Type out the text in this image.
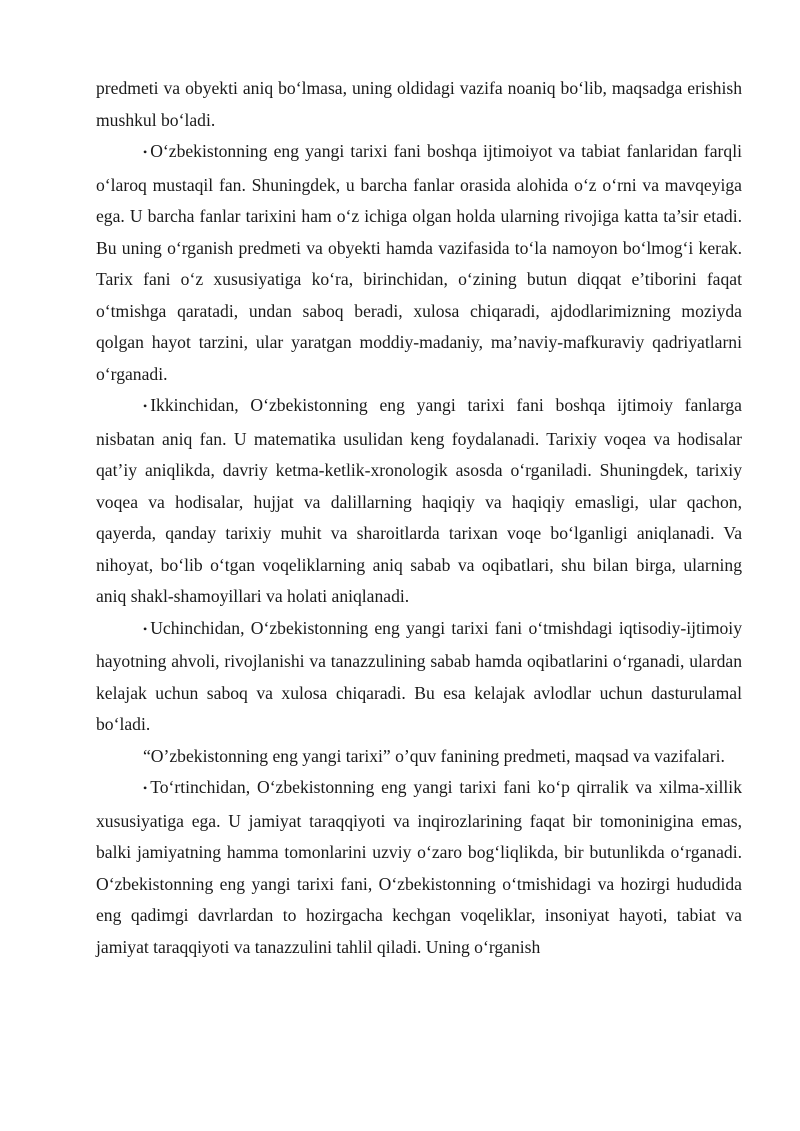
predmeti va obyekti aniq bo‘lmasa, uning oldidagi vazifa noaniq bo‘lib, maqsadga erishish mushkul bo‘ladi.

• O‘zbekistonning eng yangi tarixi fani boshqa ijtimoiyot va tabiat fanlaridan farqli o‘laroq mustaqil fan. Shuningdek, u barcha fanlar orasida alohida o‘z o‘rni va mavqeyiga ega. U barcha fanlar tarixini ham o‘z ichiga olgan holda ularning rivojiga katta ta’sir etadi. Bu uning o‘rganish predmeti va obyekti hamda vazifasida to‘la namoyon bo‘lmog‘i kerak. Tarix fani o‘z xususiyatiga ko‘ra, birinchidan, o‘zining butun diqqat e’tiborini faqat o‘tmishga qaratadi, undan saboq beradi, xulosa chiqaradi, ajdodlarimizning moziyda qolgan hayot tarzini, ular yaratgan moddiy-madaniy, ma’naviy-mafkuraviy qadriyatlarni o‘rganadi.

• Ikkinchidan, O‘zbekistonning eng yangi tarixi fani boshqa ijtimoiy fanlarga nisbatan aniq fan. U matematika usulidan keng foydalanadi. Tarixiy voqea va hodisalar qat’iy aniqlikda, davriy ketma-ketlik-xronologik asosda o‘rganiladi. Shuningdek, tarixiy voqea va hodisalar, hujjat va dalillarning haqiqiy va haqiqiy emasligi, ular qachon, qayerda, qanday tarixiy muhit va sharoitlarda tarixan voqe bo‘lganligi aniqlanadi. Va nihoyat, bo‘lib o‘tgan voqeliklarning aniq sabab va oqibatlari, shu bilan birga, ularning aniq shakl-shamoyillari va holati aniqlanadi.

• Uchinchidan, O‘zbekistonning eng yangi tarixi fani o‘tmishdagi iqtisodiy-ijtimoiy hayotning ahvoli, rivojlanishi va tanazzulining sabab hamda oqibatlarini o‘rganadi, ulardan kelajak uchun saboq va xulosa chiqaradi. Bu esa kelajak avlodlar uchun dasturulamal bo‘ladi.

“O’zbekistonning eng yangi tarixi” o’quv fanining predmeti, maqsad va vazifalari.

• To‘rtinchidan, O‘zbekistonning eng yangi tarixi fani ko‘p qirralik va xilma-xillik xususiyatiga ega. U jamiyat taraqqiyoti va inqirozlarining faqat bir tomoninigina emas, balki jamiyatning hamma tomonlarini uzviy o‘zaro bog‘liqlikda, bir butunlikda o‘rganadi. O‘zbekistonning eng yangi tarixi fani, O‘zbekistonning o‘tmishidagi va hozirgi hududida eng qadimgi davrlardan to hozirgacha kechgan voqeliklar, insoniyat hayoti, tabiat va jamiyat taraqqiyoti va tanazzulini tahlil qiladi. Uning o‘rganish
